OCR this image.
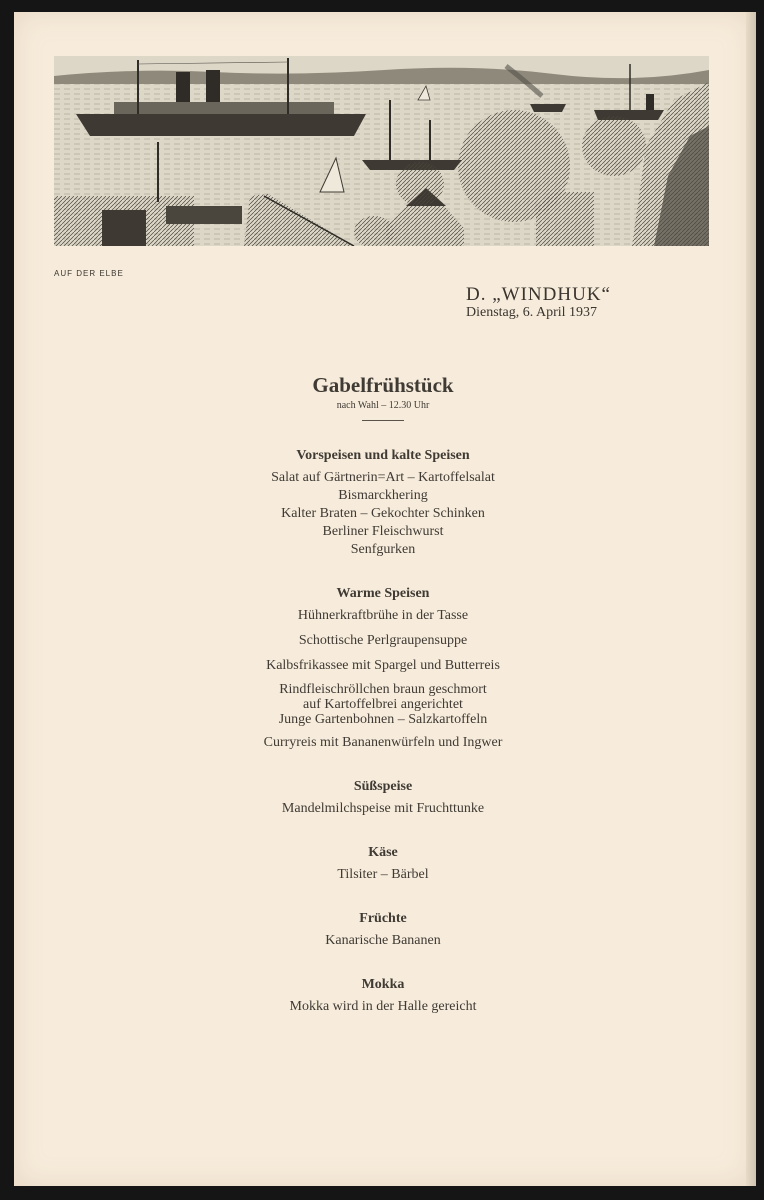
AUF DER ELBE
D. „WINDHUK“
Dienstag, 6. April 1937
Gabelfrühstück
nach Wahl – 12.30 Uhr
Vorspeisen und kalte Speisen
Salat auf Gärtnerin=Art – Kartoffelsalat
Bismarckhering
Kalter Braten – Gekochter Schinken
Berliner Fleischwurst
Senfgurken
Warme Speisen
Hühnerkraftbrühe in der Tasse
Schottische Perlgraupensuppe
Kalbsfrikassee mit Spargel und Butterreis
Rindfleischröllchen braun geschmort
auf Kartoffelbrei angerichtet
Junge Gartenbohnen – Salzkartoffeln
Curryreis mit Bananenwürfeln und Ingwer
Süßspeise
Mandelmilchspeise mit Fruchttunke
Käse
Tilsiter – Bärbel
Früchte
Kanarische Bananen
Mokka
Mokka wird in der Halle gereicht
